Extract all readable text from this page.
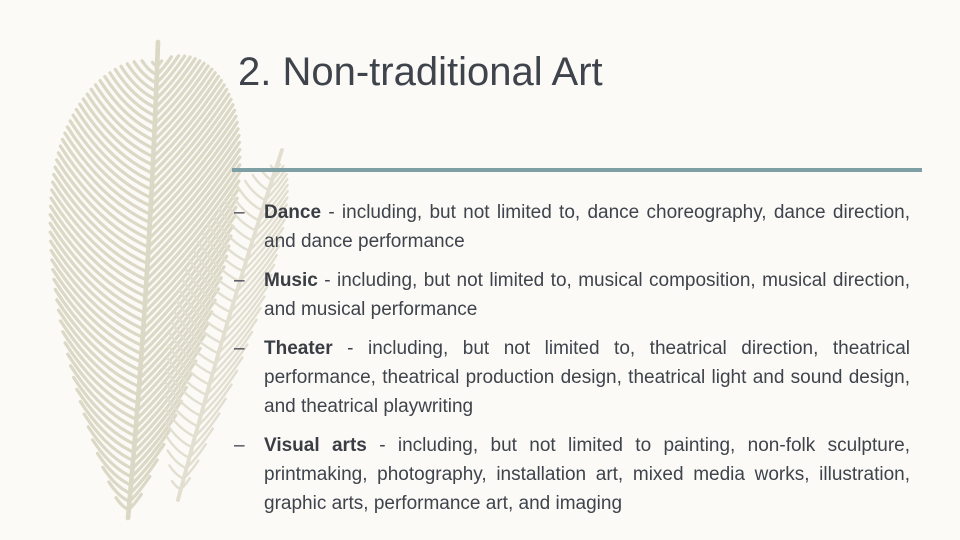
2. Non-traditional Art
– Dance - including, but not limited to, dance choreography, dance direction, and dance performance
– Music - including, but not limited to, musical composition, musical direction, and musical performance
– Theater - including, but not limited to, theatrical direction, theatrical performance, theatrical production design, theatrical light and sound design, and theatrical playwriting
– Visual arts - including, but not limited to painting, non-folk sculpture, printmaking, photography, installation art, mixed media works, illustration, graphic arts, performance art, and imaging
